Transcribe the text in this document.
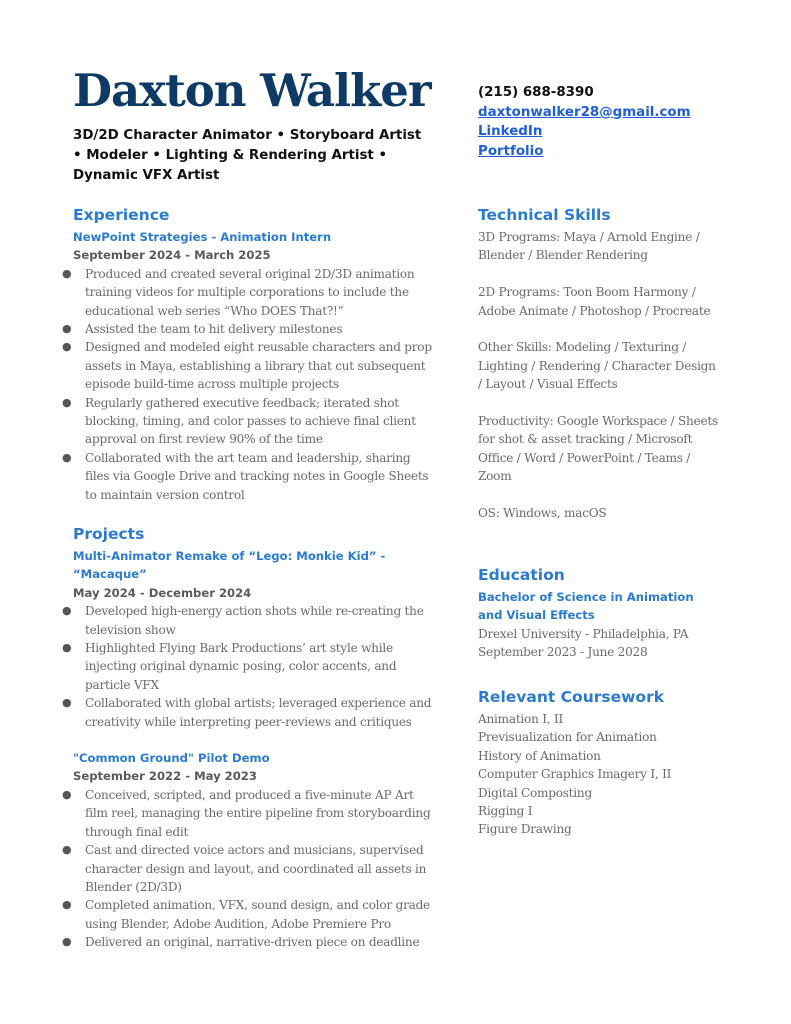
Daxton Walker
3D/2D Character Animator • Storyboard Artist • Modeler • Lighting & Rendering Artist • Dynamic VFX Artist
(215) 688-8390
daxtonwalker28@gmail.com
LinkedIn
Portfolio
Experience
NewPoint Strategies - Animation Intern
September 2024 - March 2025
● Produced and created several original 2D/3D animation training videos for multiple corporations to include the educational web series “Who DOES That?!”
● Assisted the team to hit delivery milestones
● Designed and modeled eight reusable characters and prop assets in Maya, establishing a library that cut subsequent episode build-time across multiple projects
● Regularly gathered executive feedback; iterated shot blocking, timing, and color passes to achieve final client approval on first review 90% of the time
● Collaborated with the art team and leadership, sharing files via Google Drive and tracking notes in Google Sheets to maintain version control
Projects
Multi-Animator Remake of “Lego: Monkie Kid” - “Macaque”
May 2024 - December 2024
● Developed high-energy action shots while re-creating the television show
● Highlighted Flying Bark Productions’ art style while injecting original dynamic posing, color accents, and particle VFX
● Collaborated with global artists; leveraged experience and creativity while interpreting peer-reviews and critiques
"Common Ground" Pilot Demo
September 2022 - May 2023
● Conceived, scripted, and produced a five-minute AP Art film reel, managing the entire pipeline from storyboarding through final edit
● Cast and directed voice actors and musicians, supervised character design and layout, and coordinated all assets in Blender (2D/3D)
● Completed animation, VFX, sound design, and color grade using Blender, Adobe Audition, Adobe Premiere Pro
● Delivered an original, narrative-driven piece on deadline
Technical Skills
3D Programs: Maya / Arnold Engine / Blender / Blender Rendering
2D Programs: Toon Boom Harmony / Adobe Animate / Photoshop / Procreate
Other Skills: Modeling / Texturing / Lighting / Rendering / Character Design / Layout / Visual Effects
Productivity: Google Workspace / Sheets for shot & asset tracking / Microsoft Office / Word / PowerPoint / Teams / Zoom
OS: Windows, macOS
Education
Bachelor of Science in Animation and Visual Effects
Drexel University - Philadelphia, PA
September 2023 - June 2028
Relevant Coursework
Animation I, II
Previsualization for Animation
History of Animation
Computer Graphics Imagery I, II
Digital Composting
Rigging I
Figure Drawing
